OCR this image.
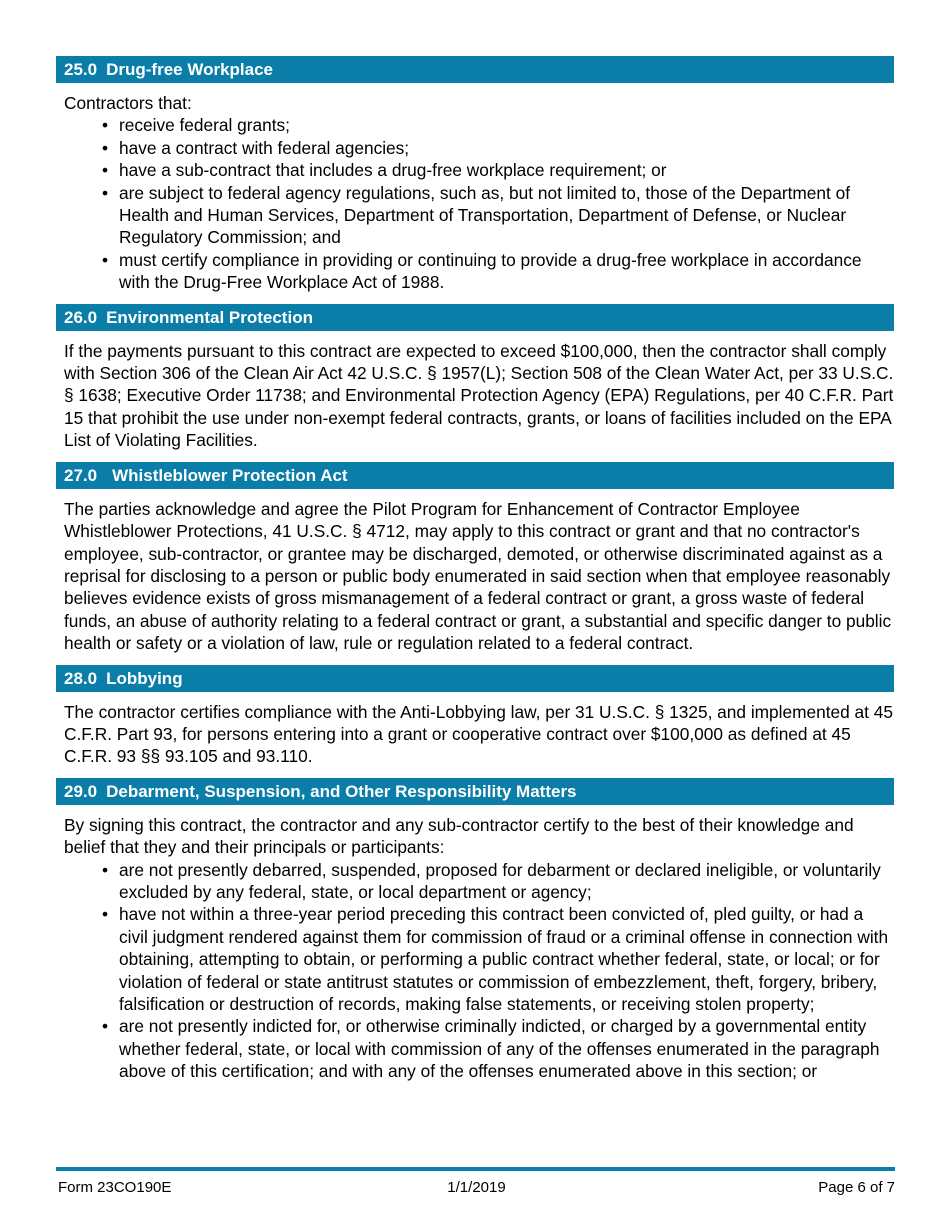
25.0 Drug-free Workplace

Contractors that:

• receive federal grants;
• have a contract with federal agencies;
• have a sub-contract that includes a drug-free workplace requirement; or
• are subject to federal agency regulations, such as, but not limited to, those of the Department of Health and Human Services, Department of Transportation, Department of Defense, or Nuclear Regulatory Commission; and
• must certify compliance in providing or continuing to provide a drug-free workplace in accordance with the Drug-Free Workplace Act of 1988.
26.0 Environmental Protection

If the payments pursuant to this contract are expected to exceed $100,000, then the contractor shall comply with Section 306 of the Clean Air Act 42 U.S.C. § 1957(L); Section 508 of the Clean Water Act, per 33 U.S.C. § 1638; Executive Order 11738; and Environmental Protection Agency (EPA) Regulations, per 40 C.F.R. Part 15 that prohibit the use under non-exempt federal contracts, grants, or loans of facilities included on the EPA List of Violating Facilities.

27.0 Whistleblower Protection Act

The parties acknowledge and agree the Pilot Program for Enhancement of Contractor Employee Whistleblower Protections, 41 U.S.C. § 4712, may apply to this contract or grant and that no contractor's employee, sub-contractor, or grantee may be discharged, demoted, or otherwise discriminated against as a reprisal for disclosing to a person or public body enumerated in said section when that employee reasonably believes evidence exists of gross mismanagement of a federal contract or grant, a gross waste of federal funds, an abuse of authority relating to a federal contract or grant, a substantial and specific danger to public health or safety or a violation of law, rule or regulation related to a federal contract.

28.0 Lobbying

The contractor certifies compliance with the Anti-Lobbying law, per 31 U.S.C. § 1325, and implemented at 45 C.F.R. Part 93, for persons entering into a grant or cooperative contract over $100,000 as defined at 45 C.F.R. 93 §§ 93.105 and 93.110.

29.0 Debarment, Suspension, and Other Responsibility Matters

By signing this contract, the contractor and any sub-contractor certify to the best of their knowledge and belief that they and their principals or participants:

• are not presently debarred, suspended, proposed for debarment or declared ineligible, or voluntarily excluded by any federal, state, or local department or agency;
• have not within a three-year period preceding this contract been convicted of, pled guilty, or had a civil judgment rendered against them for commission of fraud or a criminal offense in connection with obtaining, attempting to obtain, or performing a public contract whether federal, state, or local; or for violation of federal or state antitrust statutes or commission of embezzlement, theft, forgery, bribery, falsification or destruction of records, making false statements, or receiving stolen property;
• are not presently indicted for, or otherwise criminally indicted, or charged by a governmental entity whether federal, state, or local with commission of any of the offenses enumerated in the paragraph above of this certification; and with any of the offenses enumerated above in this section; or
1/1/2019
Form 23CO190E	Page 6 of 7
